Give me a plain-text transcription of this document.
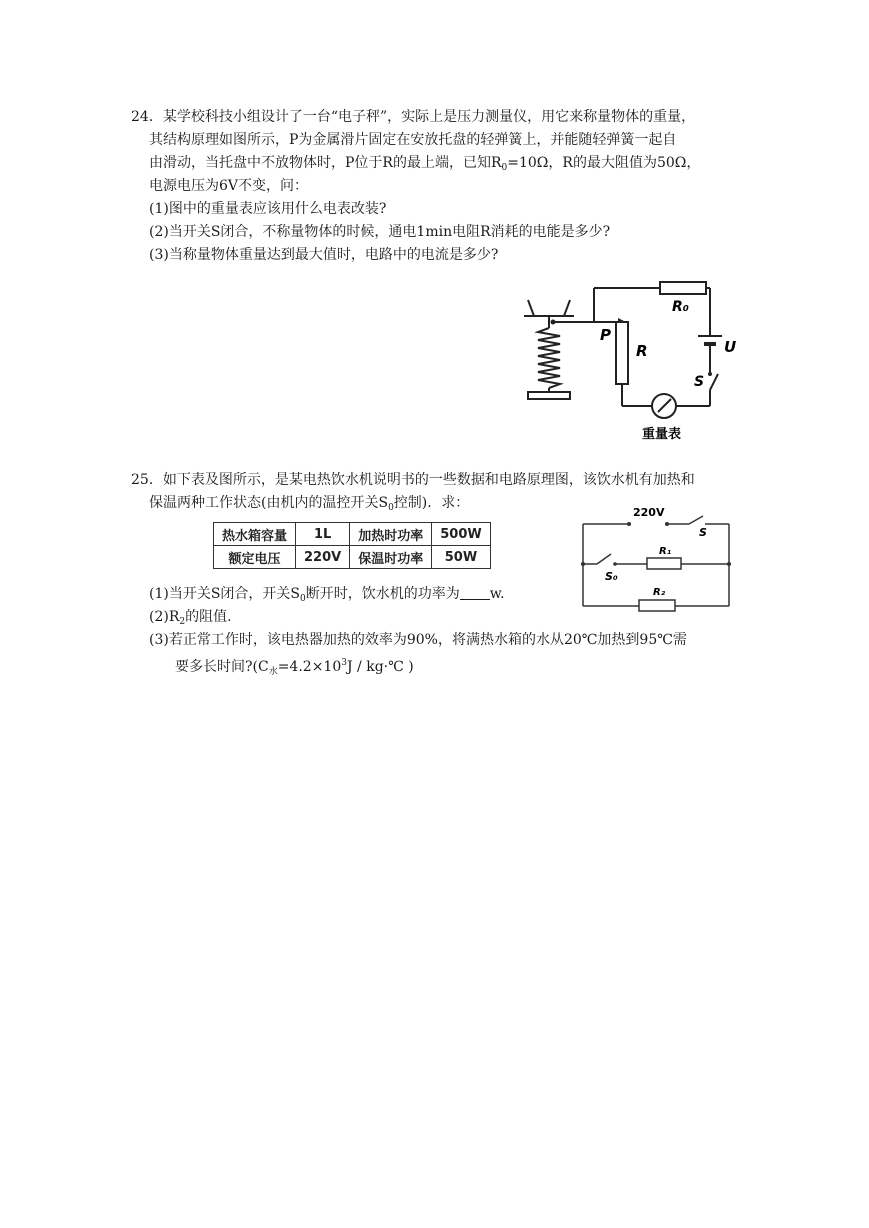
24．某学校科技小组设计了一台“电子秤”，实际上是压力测量仪，用它来称量物体的重量，
其结构原理如图所示，P为金属滑片固定在安放托盘的轻弹簧上，并能随轻弹簧一起自
由滑动，当托盘中不放物体时，P位于R的最上端，已知$R_0=10\Omega$，R的最大阻值为50Ω，
电源电压为6V不变，问：
(1)图中的重量表应该用什么电表改装?
(2)当开关S闭合，不称量物体的时候，通电1min电阻R消耗的电能是多少?
(3)当称量物体重量达到最大值时，电路中的电流是多少?
P
R
R₀
U
S
重量表
25．如下表及图所示，是某电热饮水机说明书的一些数据和电路原理图，该饮水机有加热和
保温两种工作状态(由机内的温控开关$S_0$控制)．求：
热水箱容量	1L	加热时功率	500W
额定电压	220V	保温时功率	50W
220V
S
S₀
R₁
R₂
(1)当开关S闭合，开关$S_0$断开时，饮水机的功率为 w.
$(2)R_2$的阻值.
(3)若正常工作时，该电热器加热的效率为90%，将满热水箱的水从20℃加热到95℃需
要多长时间$?(C_水=4.2\times 10^3J$ / kg·℃ )
